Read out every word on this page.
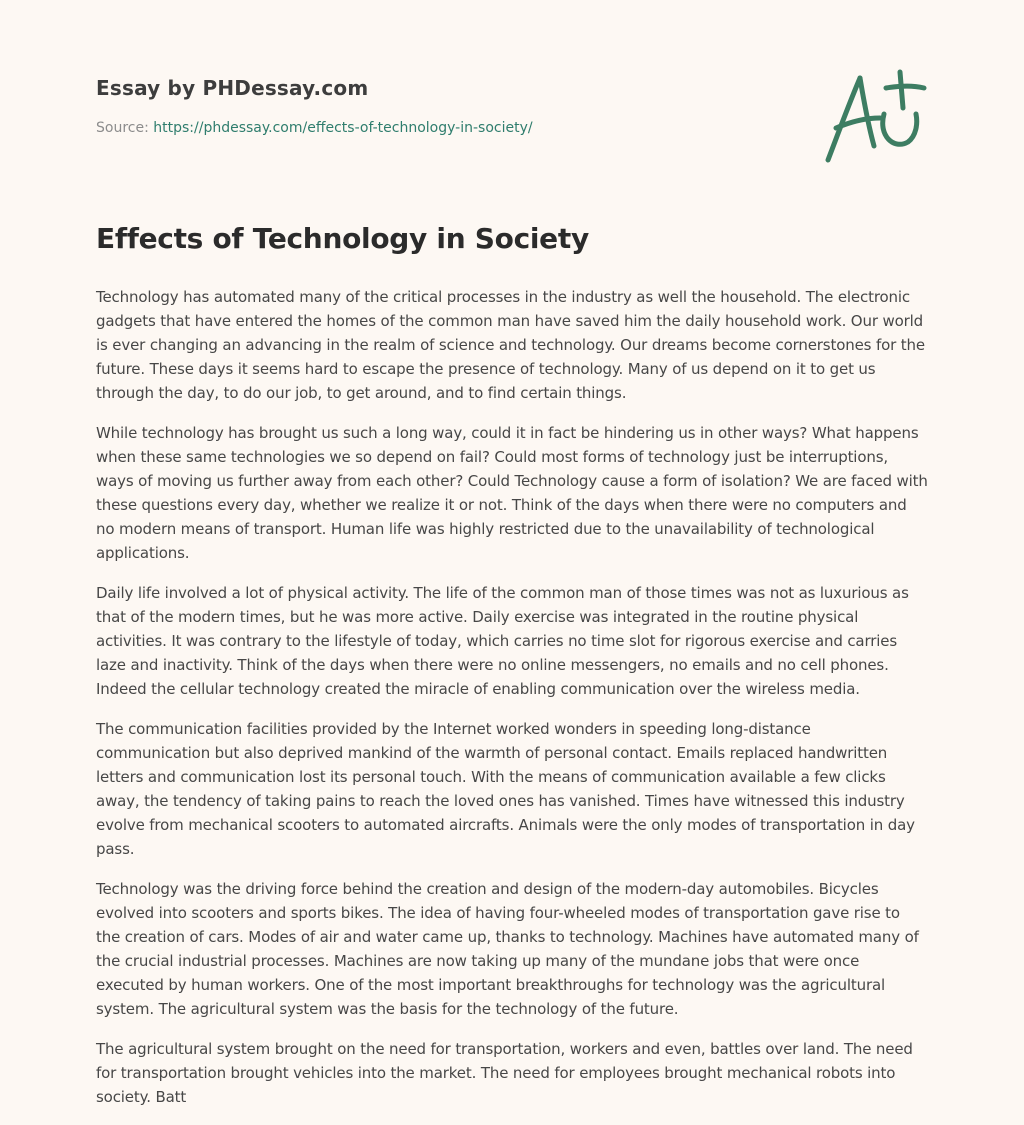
Essay by PHDessay.com
Source: https://phdessay.com/effects-of-technology-in-society/
Effects of Technology in Society

Technology has automated many of the critical processes in the industry as well the household. The electronic gadgets that have entered the homes of the common man have saved him the daily household work. Our world is ever changing an advancing in the realm of science and technology. Our dreams become cornerstones for the future. These days it seems hard to escape the presence of technology. Many of us depend on it to get us through the day, to do our job, to get around, and to find certain things.

While technology has brought us such a long way, could it in fact be hindering us in other ways? What happens when these same technologies we so depend on fail? Could most forms of technology just be interruptions, ways of moving us further away from each other? Could Technology cause a form of isolation? We are faced with these questions every day, whether we realize it or not. Think of the days when there were no computers and no modern means of transport. Human life was highly restricted due to the unavailability of technological applications.

Daily life involved a lot of physical activity. The life of the common man of those times was not as luxurious as that of the modern times, but he was more active. Daily exercise was integrated in the routine physical activities. It was contrary to the lifestyle of today, which carries no time slot for rigorous exercise and carries laze and inactivity. Think of the days when there were no online messengers, no emails and no cell phones. Indeed the cellular technology created the miracle of enabling communication over the wireless media.

The communication facilities provided by the Internet worked wonders in speeding long-distance communication but also deprived mankind of the warmth of personal contact. Emails replaced handwritten letters and communication lost its personal touch. With the means of communication available a few clicks away, the tendency of taking pains to reach the loved ones has vanished. Times have witnessed this industry evolve from mechanical scooters to automated aircrafts. Animals were the only modes of transportation in day pass.

Technology was the driving force behind the creation and design of the modern-day automobiles. Bicycles evolved into scooters and sports bikes. The idea of having four-wheeled modes of transportation gave rise to the creation of cars. Modes of air and water came up, thanks to technology. Machines have automated many of the crucial industrial processes. Machines are now taking up many of the mundane jobs that were once executed by human workers. One of the most important breakthroughs for technology was the agricultural system. The agricultural system was the basis for the technology of the future.

The agricultural system brought on the need for transportation, workers and even, battles over land. The need for transportation brought vehicles into the market. The need for employees brought mechanical robots into society. Batt
